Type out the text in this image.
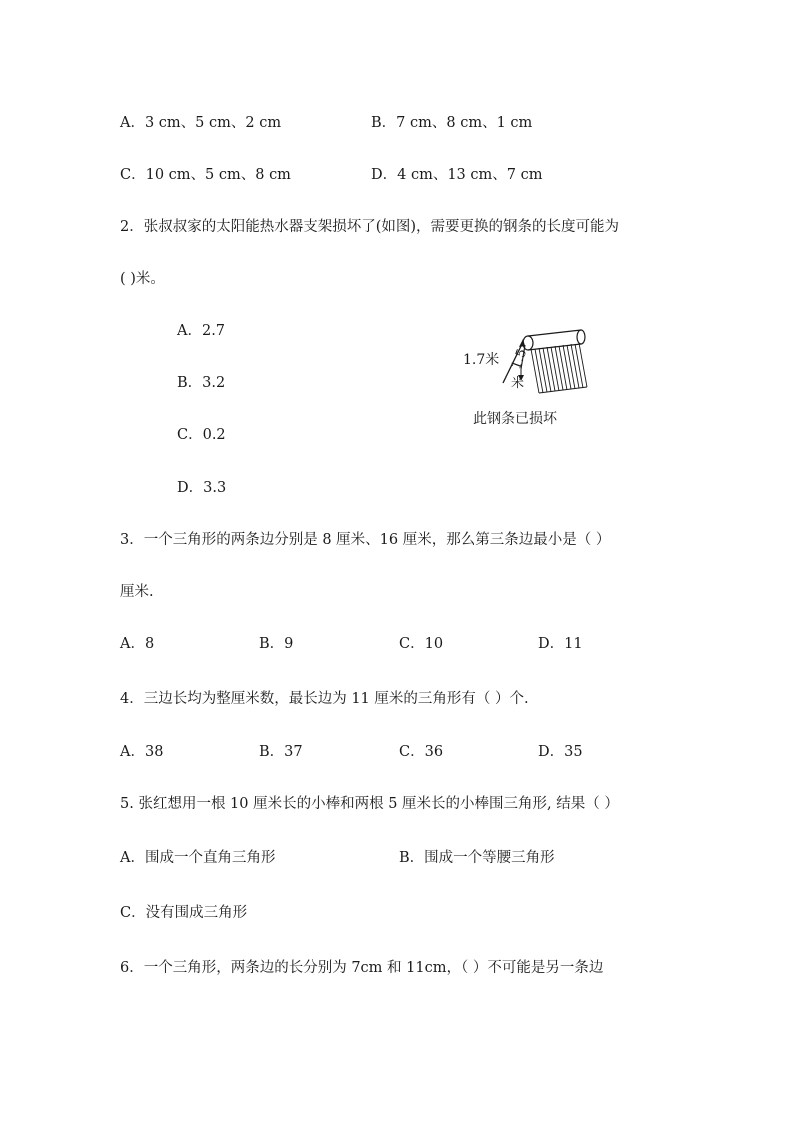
A．3 cm、5 cm、2 cm	B．7 cm、8 cm、1 cm
C．10 cm、5 cm、8 cm	D．4 cm、13 cm、7 cm
2．张叔叔家的太阳能热水器支架损坏了(如图)，需要更换的钢条的长度可能为
( )米。
A．2.7
B．3.2
C．0.2
D．3.3
1.7米 1.5
米
此钢条已损坏
3．一个三角形的两条边分别是 8 厘米、16 厘米，那么第三条边最小是（ ）
厘米.
A．8	B．9	C．10	D．11
4．三边长均为整厘米数，最长边为 11 厘米的三角形有（ ）个.
A．38	B．37	C．36	D．35
5. 张红想用一根 10 厘米长的小棒和两根 5 厘米长的小棒围三角形, 结果（ ）
A．围成一个直角三角形	B．围成一个等腰三角形
C．没有围成三角形
6．一个三角形，两条边的长分别为 7cm 和 11cm，（ ）不可能是另一条边
